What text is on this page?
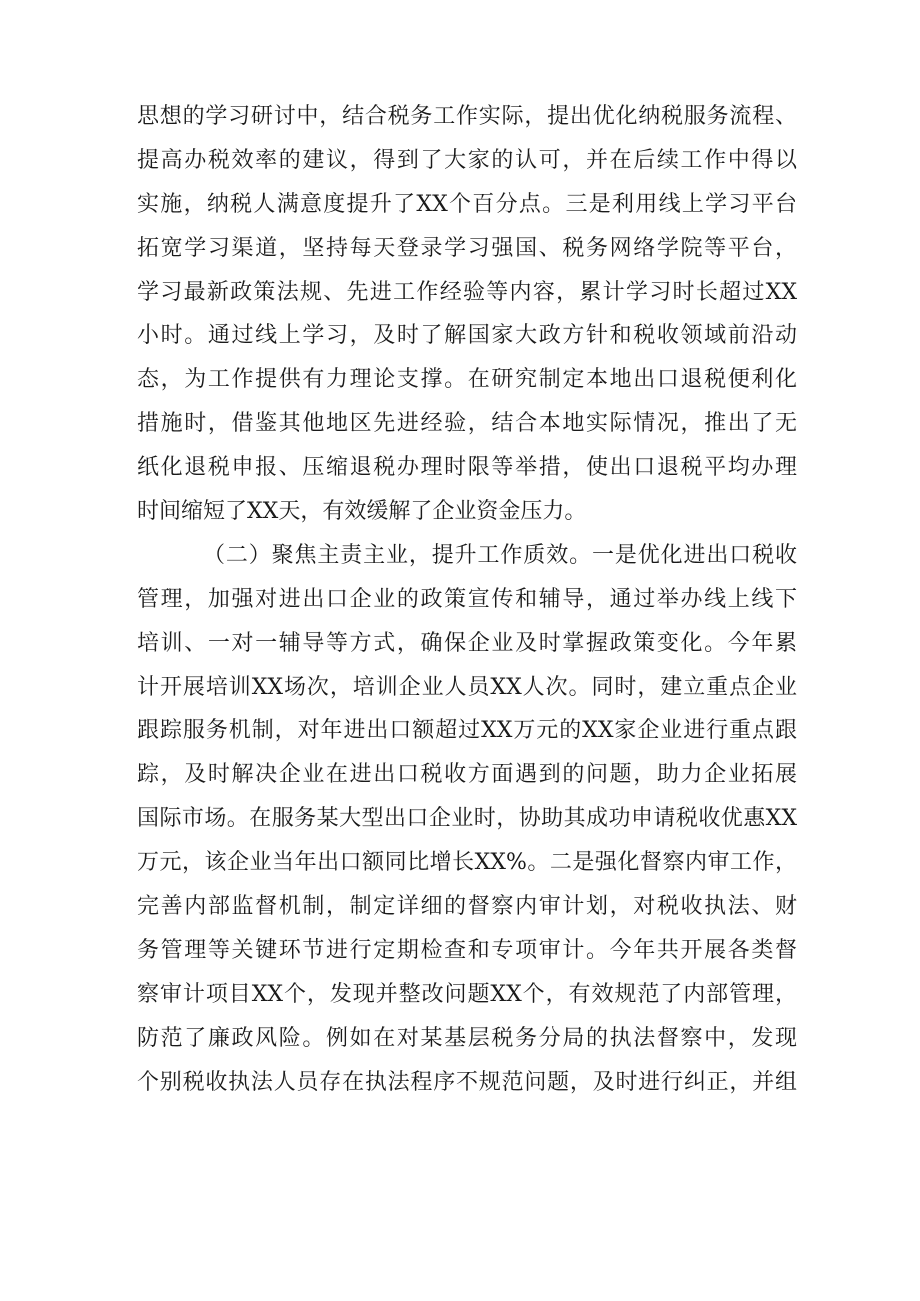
思想的学习研讨中，结合税务工作实际，提出优化纳税服务流程、
提高办税效率的建议，得到了大家的认可，并在后续工作中得以
实施，纳税人满意度提升了XX个百分点。三是利用线上学习平台
拓宽学习渠道，坚持每天登录学习强国、税务网络学院等平台，
学习最新政策法规、先进工作经验等内容，累计学习时长超过XX
小时。通过线上学习，及时了解国家大政方针和税收领域前沿动
态，为工作提供有力理论支撑。在研究制定本地出口退税便利化
措施时，借鉴其他地区先进经验，结合本地实际情况，推出了无
纸化退税申报、压缩退税办理时限等举措，使出口退税平均办理
时间缩短了XX天，有效缓解了企业资金压力。
（二）聚焦主责主业，提升工作质效。一是优化进出口税收
管理，加强对进出口企业的政策宣传和辅导，通过举办线上线下
培训、一对一辅导等方式，确保企业及时掌握政策变化。今年累
计开展培训XX场次，培训企业人员XX人次。同时，建立重点企业
跟踪服务机制，对年进出口额超过XX万元的XX家企业进行重点跟
踪，及时解决企业在进出口税收方面遇到的问题，助力企业拓展
国际市场。在服务某大型出口企业时，协助其成功申请税收优惠XX
万元，该企业当年出口额同比增长XX%。二是强化督察内审工作，
完善内部监督机制，制定详细的督察内审计划，对税收执法、财
务管理等关键环节进行定期检查和专项审计。今年共开展各类督
察审计项目XX个，发现并整改问题XX个，有效规范了内部管理，
防范了廉政风险。例如在对某基层税务分局的执法督察中，发现
个别税收执法人员存在执法程序不规范问题，及时进行纠正，并组
